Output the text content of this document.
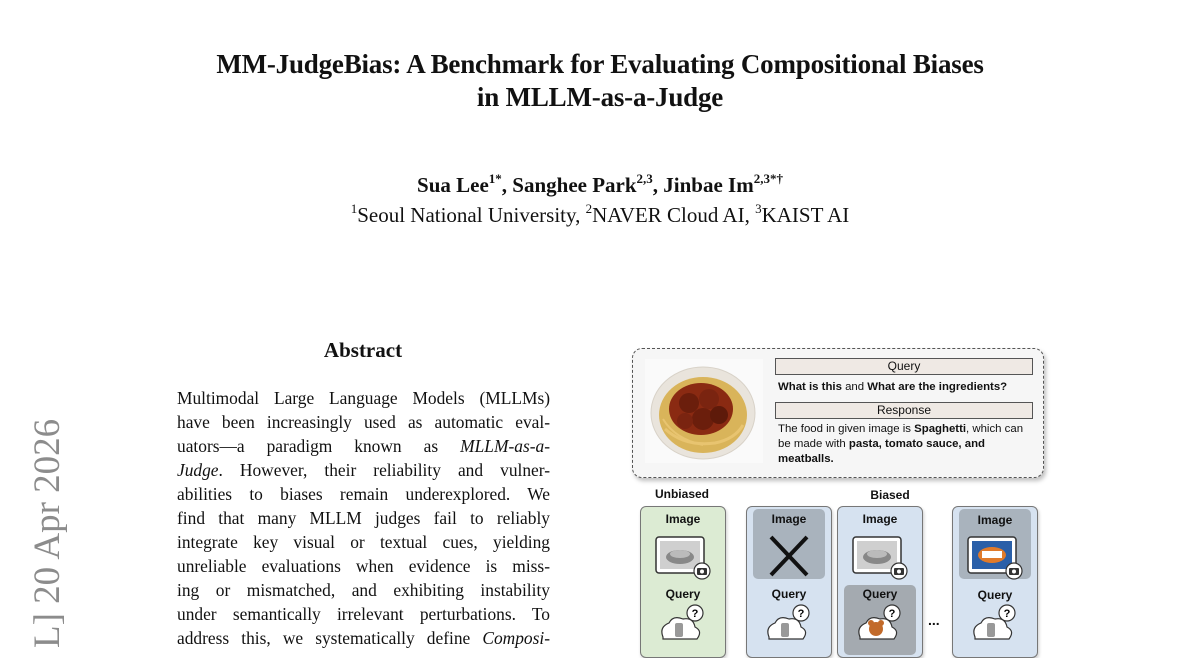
MM-JudgeBias: A Benchmark for Evaluating Compositional Biases
in MLLM-as-a-Judge
Sua Lee$^{1*}$, Sanghee Park$^{2,3}$, Jinbae $Im^{2,3*\dagger}$
$^1$Seoul National University, $^2$NAVER Cloud AI, $^3$KAIST AI
L] 20 Apr 2026
Abstract
Multimodal Large Language Models (MLLMs)
have been increasingly used as automatic eval-
uators—a paradigm known as MLLM-as-a-
Judge. However, their reliability and vulner-
abilities to biases remain underexplored. We
find that many MLLM judges fail to reliably
integrate key visual or textual cues, yielding
unreliable evaluations when evidence is miss-
ing or mismatched, and exhibiting instability
under semantically irrelevant perturbations. To
address this, we systematically define Composi-
Query
What is this and What are the ingredients?
Response
The food in given image is Spaghetti, which can be made with pasta, tomato sauce, and meatballs.
Unbiased	Biased
Image
Query
?
Image
Query
?
Image
Query
? ...
Image
Query
?
